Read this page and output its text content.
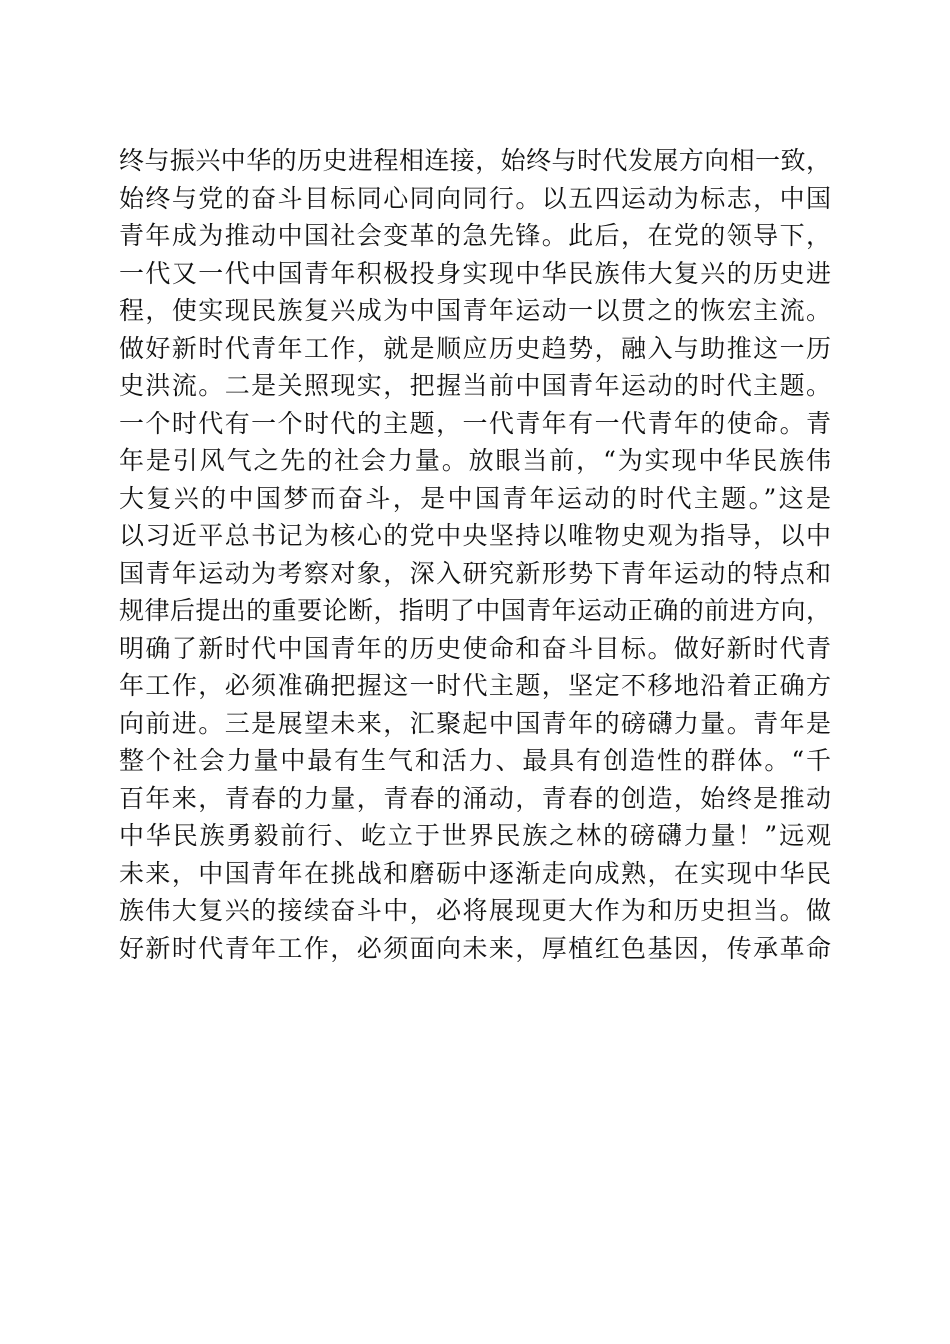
终与振兴中华的历史进程相连接，始终与时代发展方向相一致，
始终与党的奋斗目标同心同向同行。以五四运动为标志，中国
青年成为推动中国社会变革的急先锋。此后，在党的领导下，
一代又一代中国青年积极投身实现中华民族伟大复兴的历史进
程，使实现民族复兴成为中国青年运动一以贯之的恢宏主流。
做好新时代青年工作，就是顺应历史趋势，融入与助推这一历
史洪流。二是关照现实，把握当前中国青年运动的时代主题。
一个时代有一个时代的主题，一代青年有一代青年的使命。青
年是引风气之先的社会力量。放眼当前，“为实现中华民族伟
大复兴的中国梦而奋斗，是中国青年运动的时代主题。”这是
以习近平总书记为核心的党中央坚持以唯物史观为指导，以中
国青年运动为考察对象，深入研究新形势下青年运动的特点和
规律后提出的重要论断，指明了中国青年运动正确的前进方向，
明确了新时代中国青年的历史使命和奋斗目标。做好新时代青
年工作，必须准确把握这一时代主题，坚定不移地沿着正确方
向前进。三是展望未来，汇聚起中国青年的磅礴力量。青年是
整个社会力量中最有生气和活力、最具有创造性的群体。“千
百年来，青春的力量，青春的涌动，青春的创造，始终是推动
中华民族勇毅前行、屹立于世界民族之林的磅礴力量！”远观
未来，中国青年在挑战和磨砺中逐渐走向成熟，在实现中华民
族伟大复兴的接续奋斗中，必将展现更大作为和历史担当。做
好新时代青年工作，必须面向未来，厚植红色基因，传承革命
